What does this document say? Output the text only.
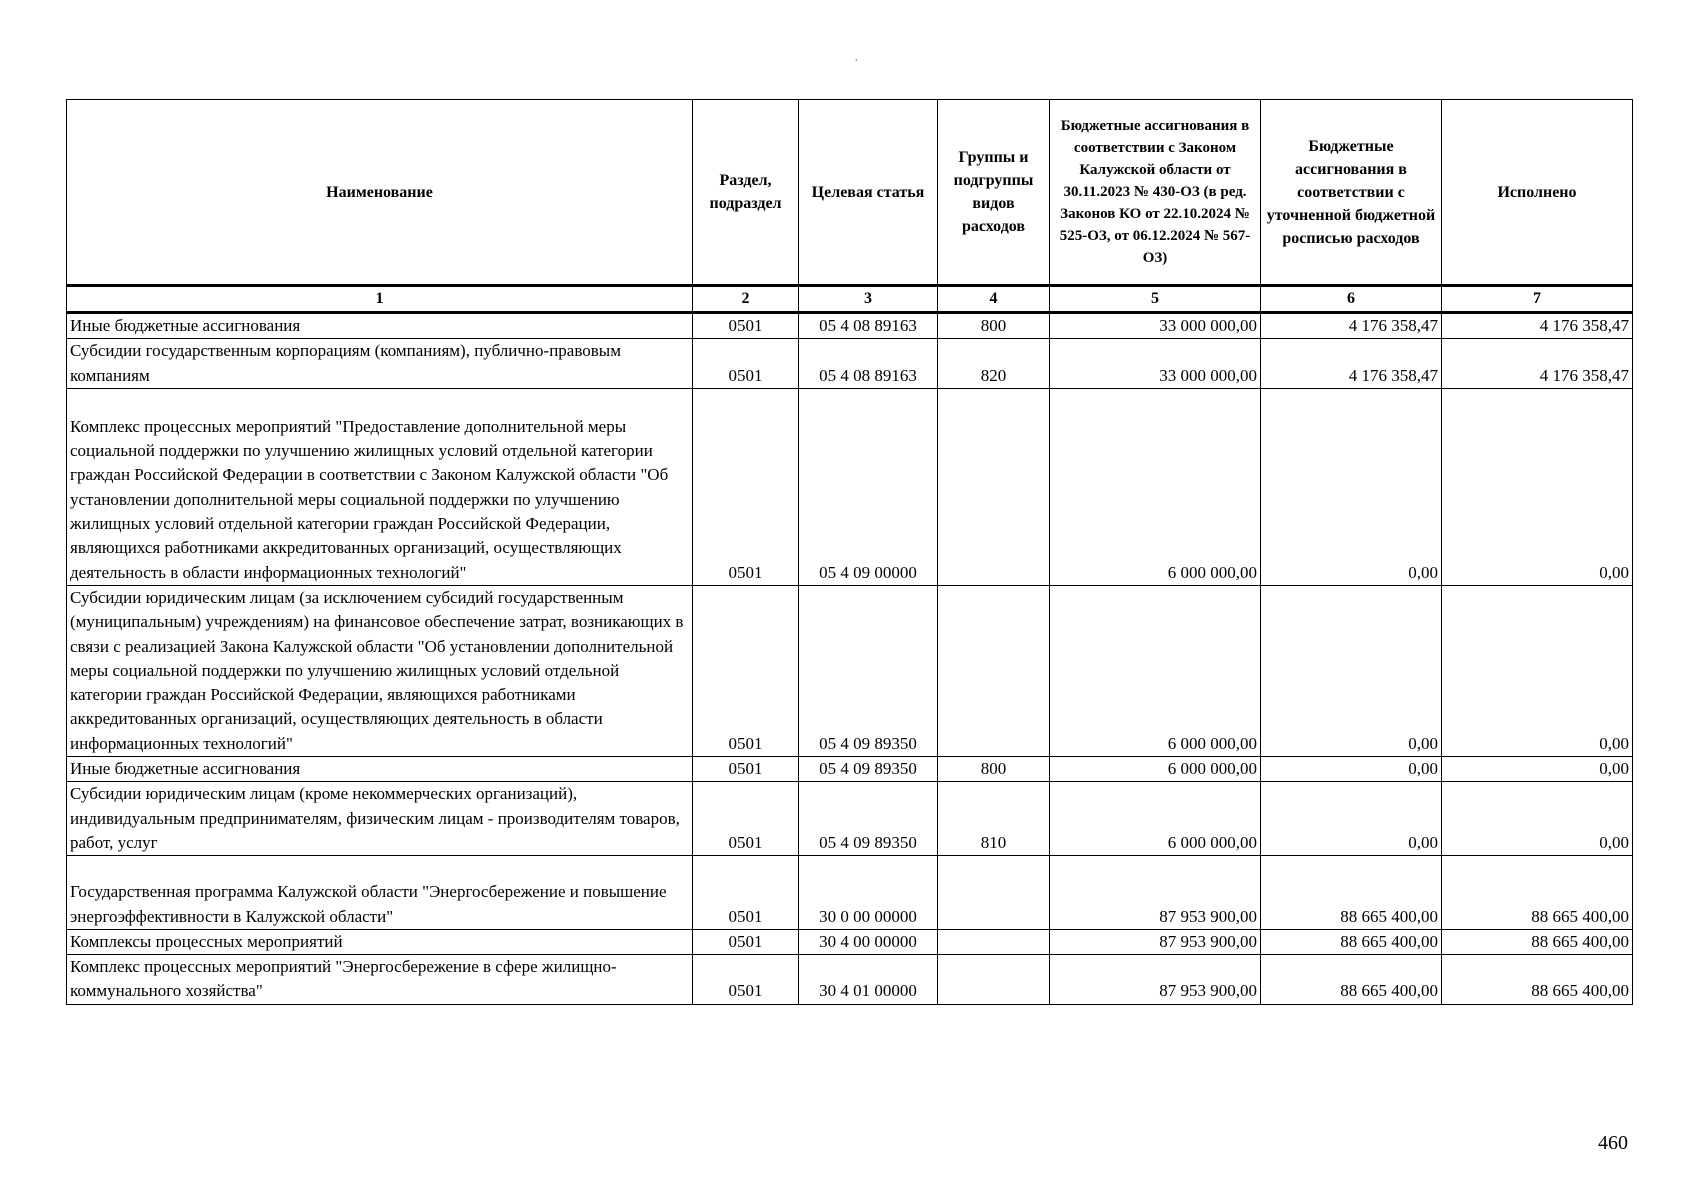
,
Наименование	Раздел, подраздел	Целевая статья	Группы и подгруппы видов расходов	Бюджетные ассигнования в соответствии с Законом Калужской области от 30.11.2023 № 430-ОЗ (в ред. Законов КО от 22.10.2024 № 525-ОЗ, от 06.12.2024 № 567-ОЗ)	Бюджетные ассигнования в соответствии с уточненной бюджетной росписью расходов	Исполнено
1	2	3	4	5	6	7
Иные бюджетные ассигнования	0501	05 4 08 89163	800	33 000 000,00	4 176 358,47	4 176 358,47
Субсидии государственным корпорациям (компаниям), публично-правовым компаниям	0501	05 4 08 89163	820	33 000 000,00	4 176 358,47	4 176 358,47
Комплекс процессных мероприятий "Предоставление дополнительной меры социальной поддержки по улучшению жилищных условий отдельной категории граждан Российской Федерации в соответствии с Законом Калужской области "Об установлении дополнительной меры социальной поддержки по улучшению жилищных условий отдельной категории граждан Российской Федерации, являющихся работниками аккредитованных организаций, осуществляющих деятельность в области информационных технологий"	0501	05 4 09 00000		6 000 000,00	0,00	0,00
Субсидии юридическим лицам (за исключением субсидий государственным (муниципальным) учреждениям) на финансовое обеспечение затрат, возникающих в связи с реализацией Закона Калужской области "Об установлении дополнительной меры социальной поддержки по улучшению жилищных условий отдельной категории граждан Российской Федерации, являющихся работниками аккредитованных организаций, осуществляющих деятельность в области информационных технологий"	0501	05 4 09 89350		6 000 000,00	0,00	0,00
Иные бюджетные ассигнования	0501	05 4 09 89350	800	6 000 000,00	0,00	0,00
Субсидии юридическим лицам (кроме некоммерческих организаций), индивидуальным предпринимателям, физическим лицам - производителям товаров, работ, услуг	0501	05 4 09 89350	810	6 000 000,00	0,00	0,00
Государственная программа Калужской области "Энергосбережение и повышение энергоэффективности в Калужской области"	0501	30 0 00 00000		87 953 900,00	88 665 400,00	88 665 400,00
Комплексы процессных мероприятий	0501	30 4 00 00000		87 953 900,00	88 665 400,00	88 665 400,00
Комплекс процессных мероприятий "Энергосбережение в сфере жилищно-коммунального хозяйства"	0501	30 4 01 00000		87 953 900,00	88 665 400,00	88 665 400,00
460
